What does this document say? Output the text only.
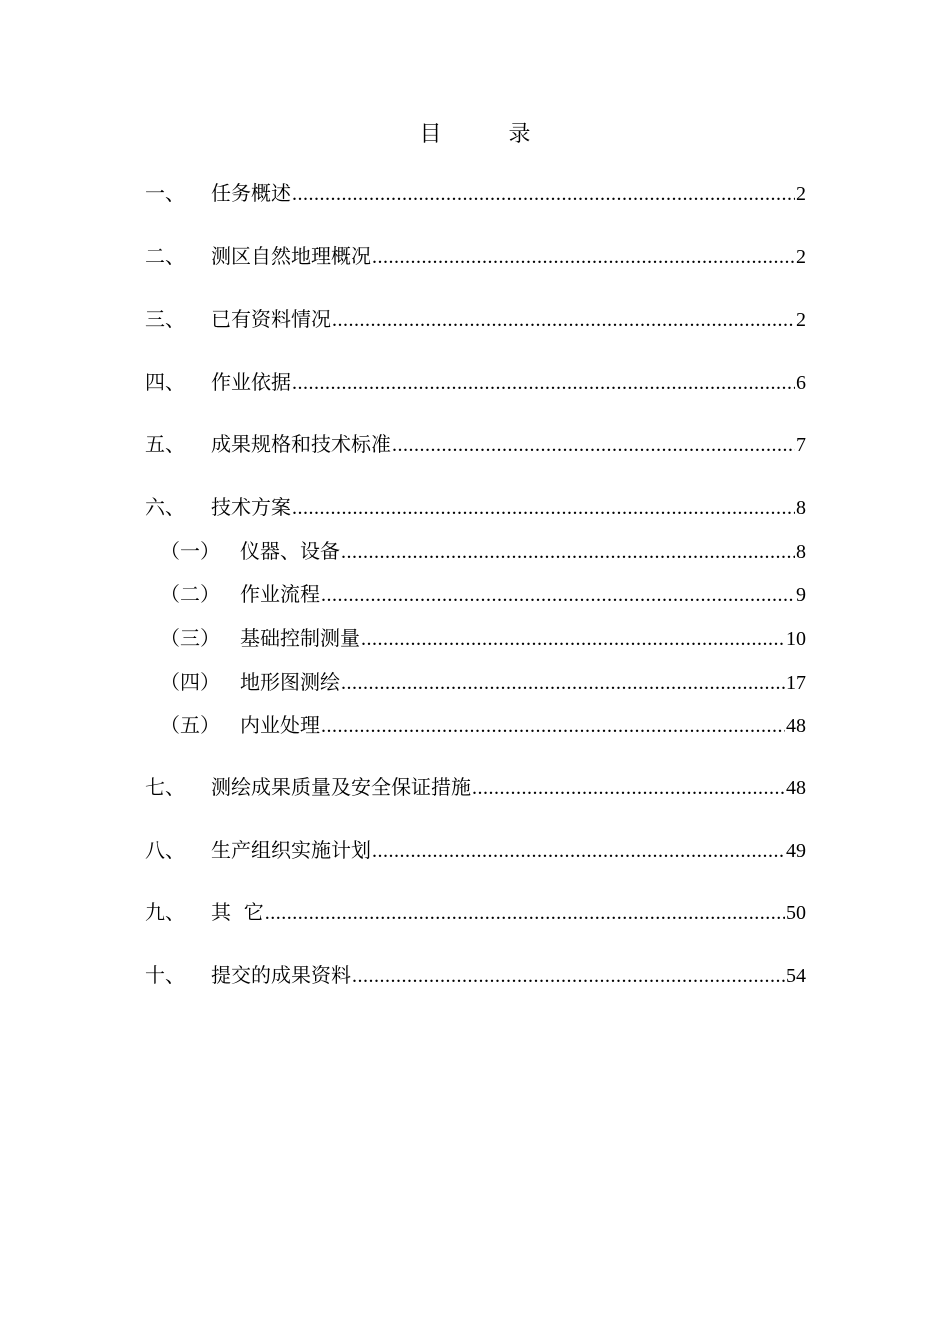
目 录
一、	任务概述 .....	2
二、	测区自然地理概况 .....	2
三、	已有资料情况 .....	2
四、	作业依据 .....	6
五、	成果规格和技术标准 .....	7
六、	技术方案 .....	8
（一）	仪器、设备 .....	8
（二）	作业流程 .....	9
（三）	基础控制测量 .....	10
（四）	地形图测绘 .....	17
（五）	内业处理 .....	48
七、	测绘成果质量及安全保证措施 .....	48
八、	生产组织实施计划 .....	49
九、	其  它 .....	50
十、	提交的成果资料 .....	54
